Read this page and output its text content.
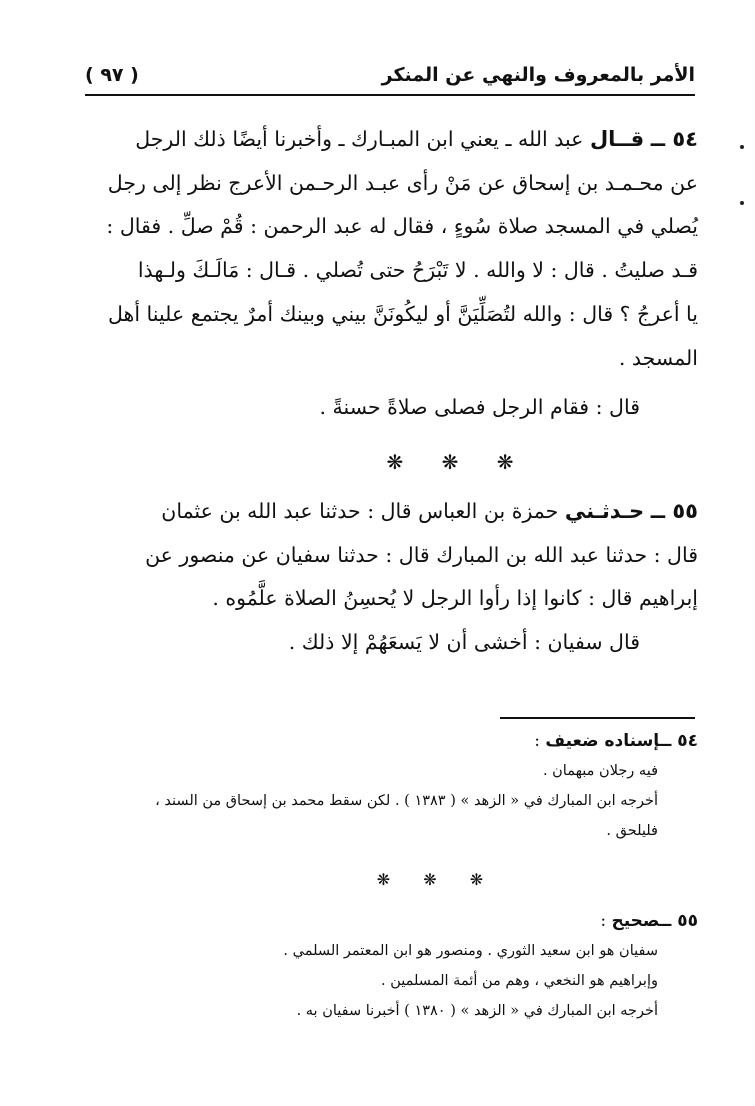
الأمر بالمعروف والنهي عن المنكر
( ٩٧ )

٥٤ ــ قــال عبد الله ـ يعني ابن المبـارك ـ وأخبرنا أيضًا ذلك الرجل
عن محـمـد بن إسحاق عن مَنْ رأى عبـد الرحـمن الأعرج نظر إلى رجل
يُصلي في المسجد صلاة سُوءٍ ، فقال له عبد الرحمن : قُمْ صلِّ . فقال :
قـد صليتُ . قال : لا والله . لا تَبْرَحُ حتى تُصلي . قـال : مَالَـكَ ولـهذا
يا أعرجُ ؟ قال : والله لتُصَلِّيَنَّ أو ليكُونَنَّ بيني وبينك أمرٌ يجتمع علينا أهل
المسجد .

قال : فقام الرجل فصلى صلاةً حسنةً .

❋ ❋ ❋

٥٥ ــ حـدثـني حمزة بن العباس قال : حدثنا عبد الله بن عثمان
قال : حدثنا عبد الله بن المبارك قال : حدثنا سفيان عن منصور عن
إبراهيم قال : كانوا إذا رأوا الرجل لا يُحسِنُ الصلاة علَّمُوه .

قال سفيان : أخشى أن لا يَسعَهُمْ إلا ذلك .

٥٤ ــإسناده ضعيف :

فيه رجلان مبهمان .

أخرجه ابن المبارك في « الزهد » ( ١٣٨٣ ) . لكن سقط محمد بن إسحاق من السند ،

فليلحق .

❋ ❋ ❋

٥٥ ــصحيح :

سفيان هو ابن سعيد الثوري . ومنصور هو ابن المعتمر السلمي .

وإبراهيم هو النخعي ، وهم من أئمة المسلمين .

أخرجه ابن المبارك في « الزهد » ( ١٣٨٠ ) أخبرنا سفيان به .
